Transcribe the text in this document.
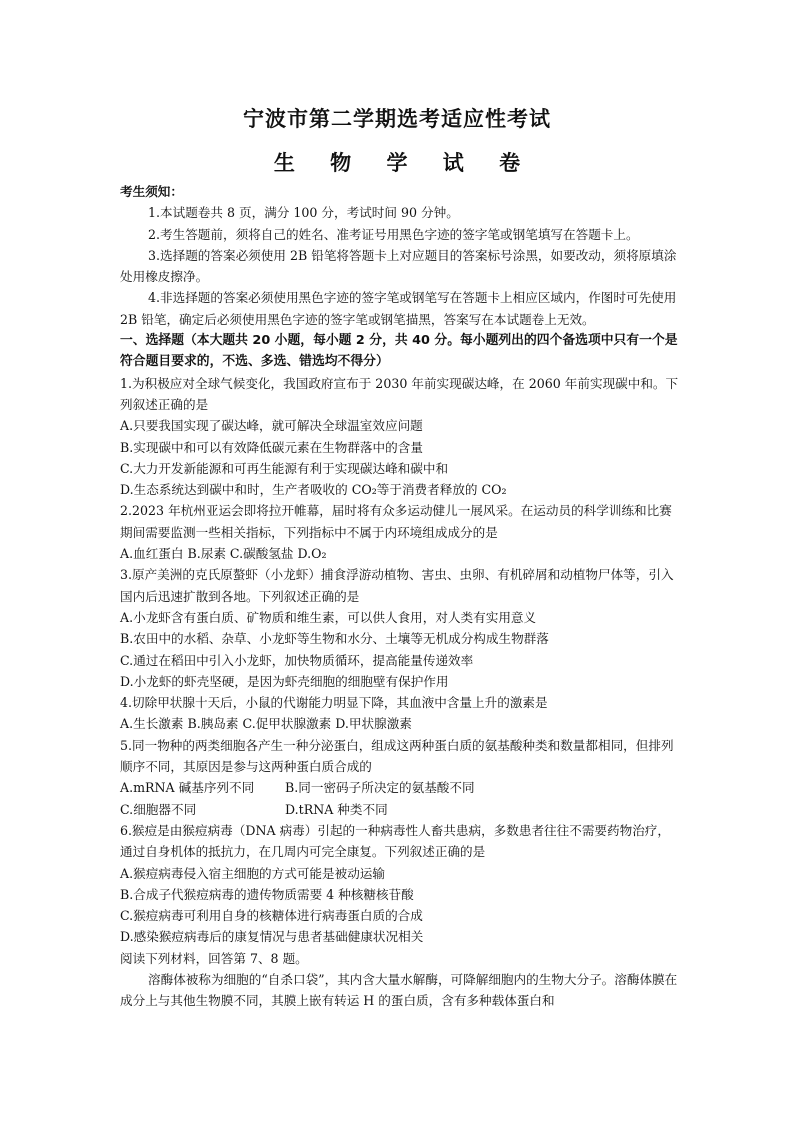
宁波市第二学期选考适应性考试
生 物 学 试 卷

考生须知：

1.本试题卷共 8 页，满分 100 分，考试时间 90 分钟。

2.考生答题前，须将自己的姓名、准考证号用黑色字迹的签字笔或钢笔填写在答题卡上。

3.选择题的答案必须使用 2B 铅笔将答题卡上对应题目的答案标号涂黑，如要改动，须将原填涂处用橡皮擦净。

4.非选择题的答案必须使用黑色字迹的签字笔或钢笔写在答题卡上相应区域内，作图时可先使用 2B 铅笔，确定后必须使用黑色字迹的签字笔或钢笔描黑，答案写在本试题卷上无效。

一、选择题（本大题共 20 小题，每小题 2 分，共 40 分。每小题列出的四个备选项中只有一个是符合题目要求的，不选、多选、错选均不得分）

1.为积极应对全球气候变化，我国政府宣布于 2030 年前实现碳达峰，在 2060 年前实现碳中和。下列叙述正确的是

A.只要我国实现了碳达峰，就可解决全球温室效应问题

B.实现碳中和可以有效降低碳元素在生物群落中的含量

C.大力开发新能源和可再生能源有利于实现碳达峰和碳中和

D.生态系统达到碳中和时，生产者吸收的 CO₂等于消费者释放的 CO₂

2.2023 年杭州亚运会即将拉开帷幕，届时将有众多运动健儿一展风采。在运动员的科学训练和比赛期间需要监测一些相关指标，下列指标中不属于内环境组成成分的是

A.血红蛋白 B.尿素 C.碳酸氢盐 D.O₂

3.原产美洲的克氏原螯虾（小龙虾）捕食浮游动植物、害虫、虫卵、有机碎屑和动植物尸体等，引入国内后迅速扩散到各地。下列叙述正确的是

A.小龙虾含有蛋白质、矿物质和维生素，可以供人食用，对人类有实用意义

B.农田中的水稻、杂草、小龙虾等生物和水分、土壤等无机成分构成生物群落

C.通过在稻田中引入小龙虾，加快物质循环，提高能量传递效率

D.小龙虾的虾壳坚硬，是因为虾壳细胞的细胞壁有保护作用

4.切除甲状腺十天后，小鼠的代谢能力明显下降，其血液中含量上升的激素是

A.生长激素 B.胰岛素 C.促甲状腺激素 D.甲状腺激素

5.同一物种的两类细胞各产生一种分泌蛋白，组成这两种蛋白质的氨基酸种类和数量都相同，但排列顺序不同，其原因是参与这两种蛋白质合成的

A.mRNA 碱基序列不同	B.同一密码子所决定的氨基酸不同
C.细胞器不同	D.tRNA 种类不同

6.猴痘是由猴痘病毒（DNA 病毒）引起的一种病毒性人畜共患病，多数患者往往不需要药物治疗，通过自身机体的抵抗力，在几周内可完全康复。下列叙述正确的是

A.猴痘病毒侵入宿主细胞的方式可能是被动运输

B.合成子代猴痘病毒的遗传物质需要 4 种核糖核苷酸

C.猴痘病毒可利用自身的核糖体进行病毒蛋白质的合成

D.感染猴痘病毒后的康复情况与患者基础健康状况相关

阅读下列材料，回答第 7、8 题。

溶酶体被称为细胞的“自杀口袋”，其内含大量水解酶，可降解细胞内的生物大分子。溶酶体膜在成分上与其他生物膜不同，其膜上嵌有转运 H 的蛋白质，含有多种载体蛋白和
